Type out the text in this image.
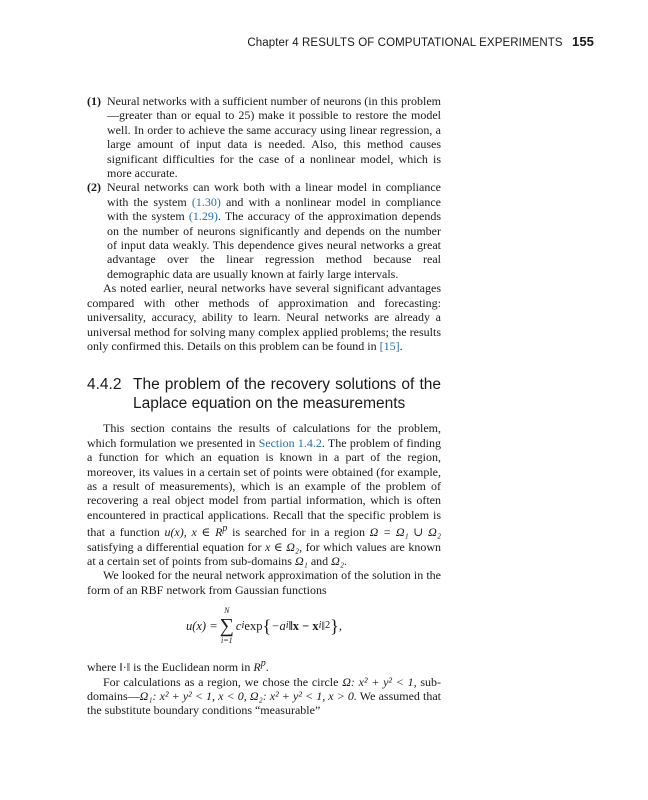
Chapter 4 RESULTS OF COMPUTATIONAL EXPERIMENTS 155
(1) Neural networks with a sufficient number of neurons (in this problem—greater than or equal to 25) make it possible to restore the model well. In order to achieve the same accuracy using linear regression, a large amount of input data is needed. Also, this method causes significant difficulties for the case of a nonlinear model, which is more accurate.
(2) Neural networks can work both with a linear model in compliance with the system (1.30) and with a nonlinear model in compliance with the system (1.29). The accuracy of the approximation depends on the number of neurons significantly and depends on the number of input data weakly. This dependence gives neural networks a great advantage over the linear regression method because real demographic data are usually known at fairly large intervals.

As noted earlier, neural networks have several significant advantages compared with other methods of approximation and forecasting: universality, accuracy, ability to learn. Neural networks are already a universal method for solving many complex applied problems; the results only confirmed this. Details on this problem can be found in [15].

4.4.2 The problem of the recovery solutions of the Laplace equation on the measurements

This section contains the results of calculations for the problem, which formulation we presented in Section 1.4.2. The problem of finding a function for which an equation is known in a part of the region, moreover, its values in a certain set of points were obtained (for example, as a result of measurements), which is an example of the problem of recovering a real object model from partial information, which is often encountered in practical applications. Recall that the specific problem is that a function u(x), x ∈ $R^p$ is searched for in a region Ω = Ω₁ ∪ Ω₂ satisfying a differential equation for x ∈ Ω₂, for which values are known at a certain set of points from sub-domains Ω₁ and Ω₂.

We looked for the neural network approximation of the solution in the form of an RBF network from Gaussian functions

u(x) =
N
∑
i=1
c i exp { −a i ‖x − x i ‖ 2 } ,

where ‖·‖ is the Euclidean norm in $R^p$.

For calculations as a region, we chose the circle Ω: x² + y² < 1, sub-domains—Ω₁: x² + y² < 1, x < 0, Ω₂: x² + y² < 1, x > 0. We assumed that the substitute boundary conditions “measurable”
